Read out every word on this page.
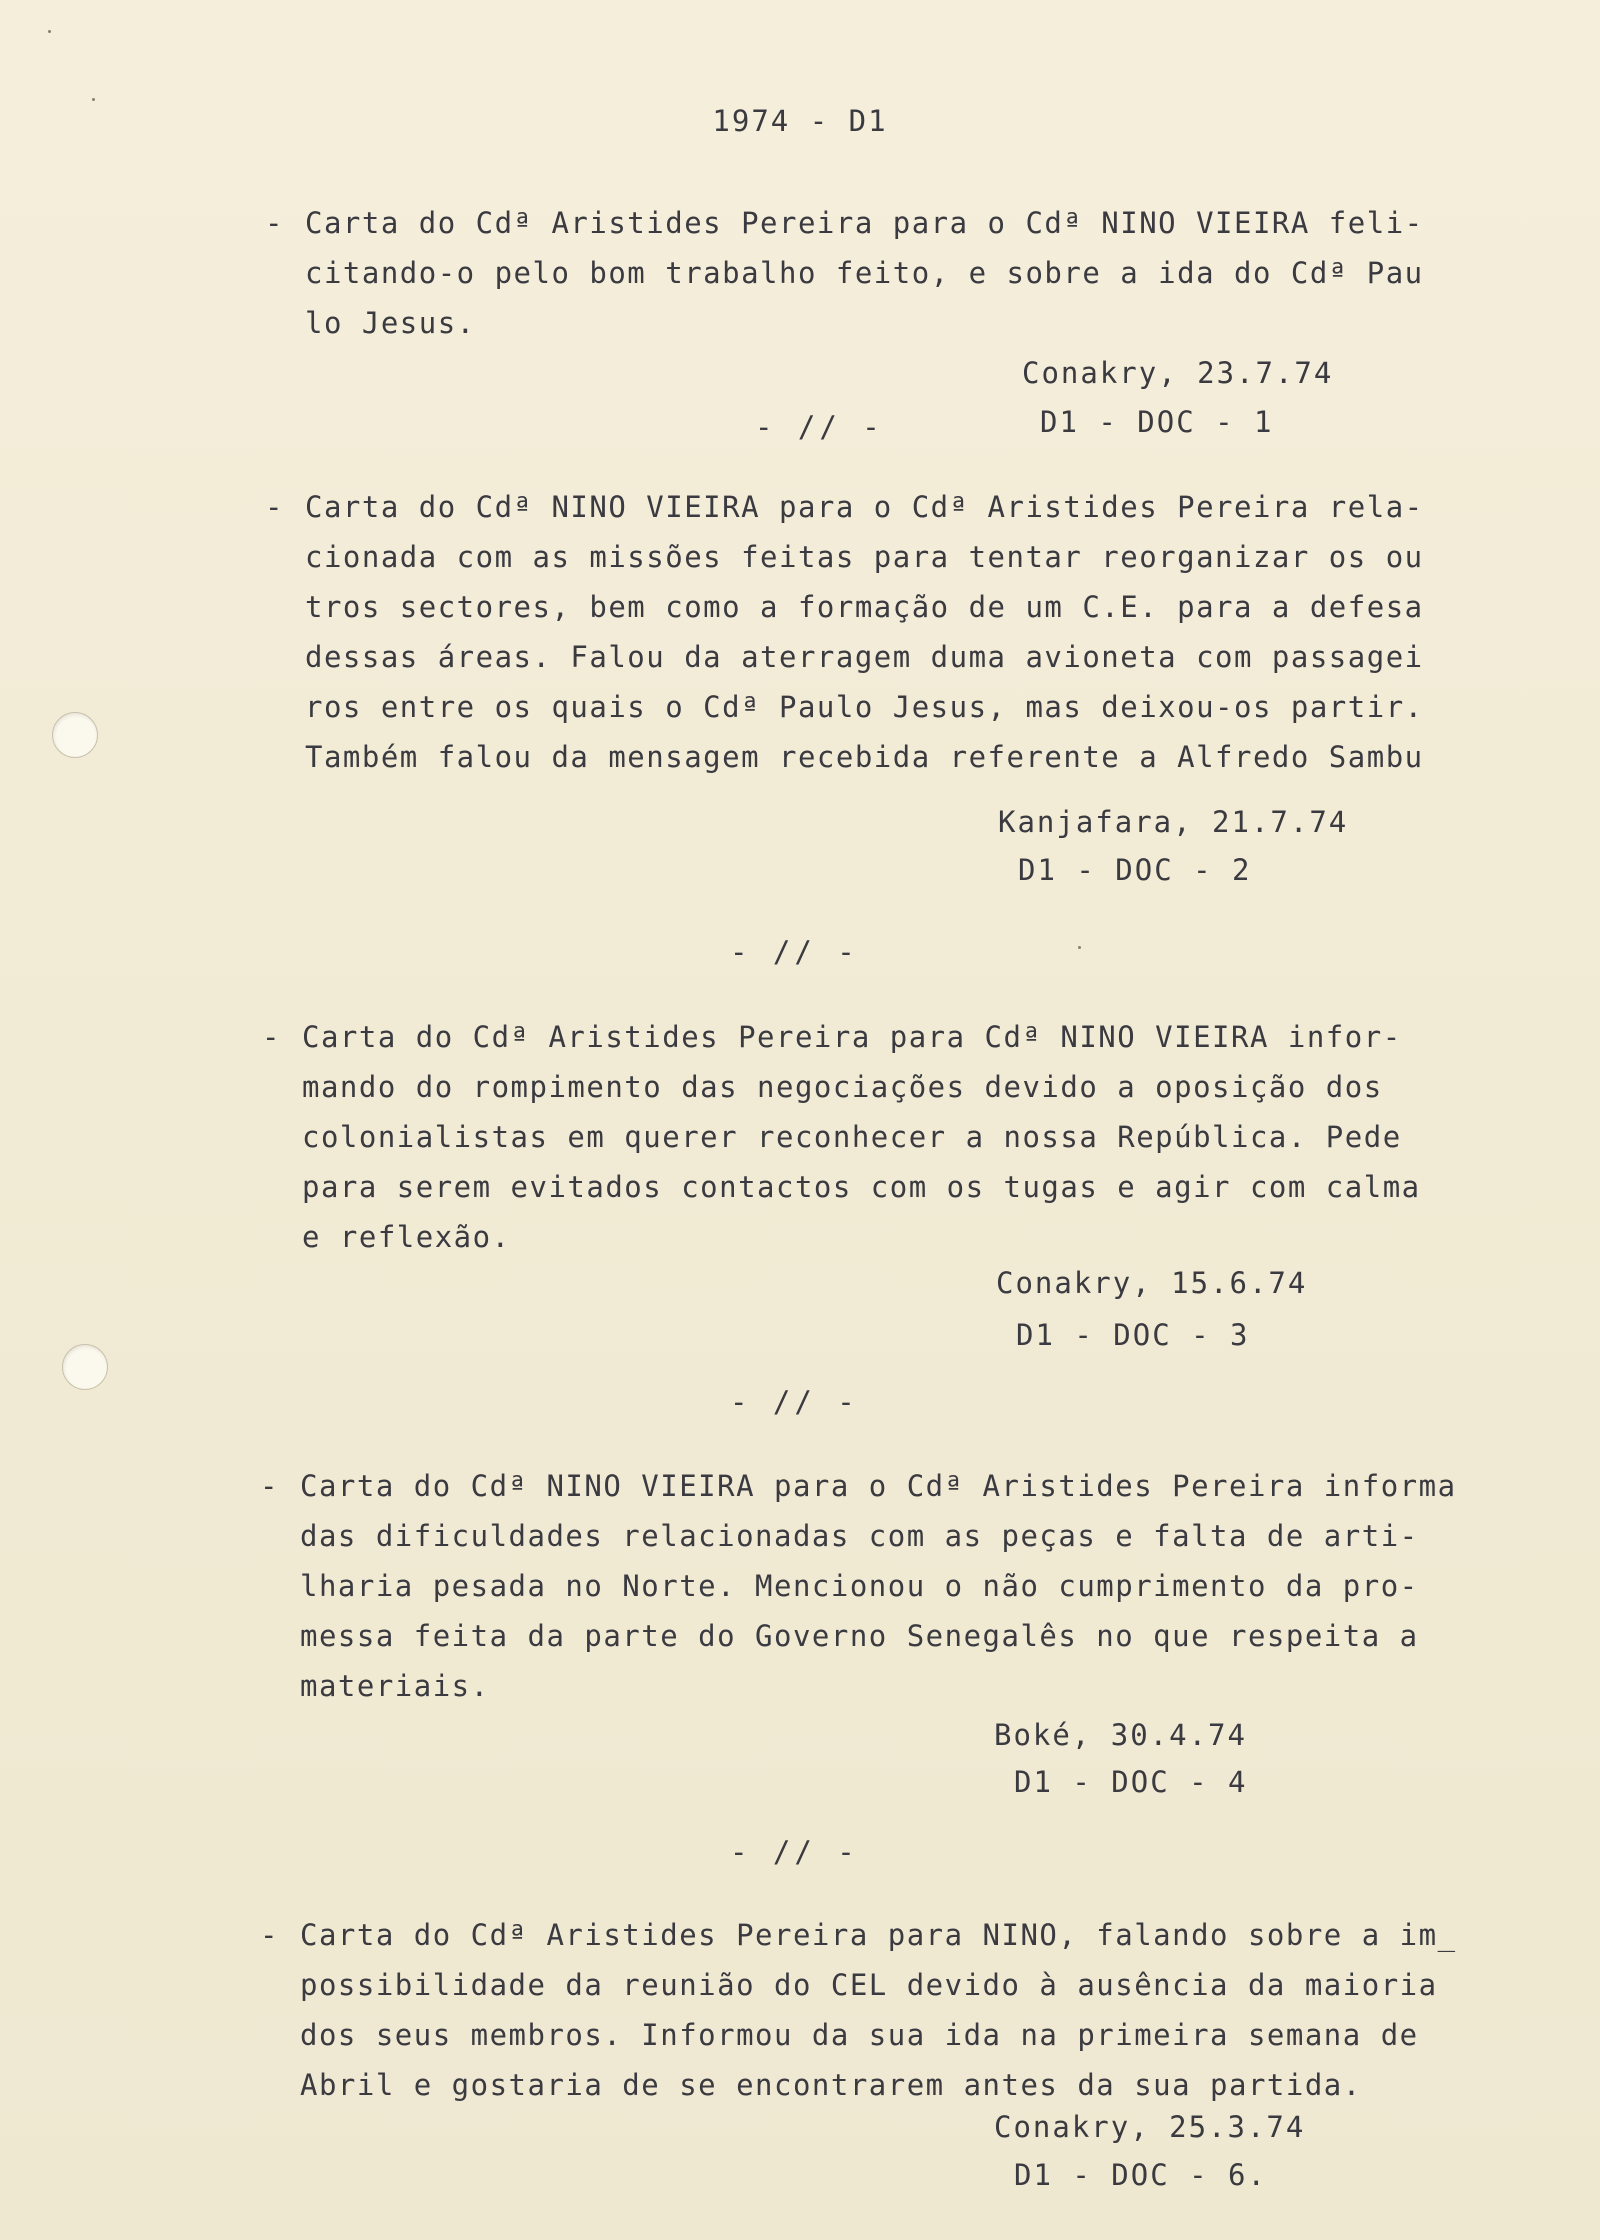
1974 - D1
- Carta do Cdª Aristides Pereira para o Cdª NINO VIEIRA feli-
citando-o pelo bom trabalho feito, e sobre a ida do Cdª Pau
lo Jesus.
Conakry, 23.7.74
- // -	D1 - DOC - 1
- Carta do Cdª NINO VIEIRA para o Cdª Aristides Pereira rela-
cionada com as missões feitas para tentar reorganizar os ou
tros sectores, bem como a formação de um C.E. para a defesa
dessas áreas. Falou da aterragem duma avioneta com passagei
ros entre os quais o Cdª Paulo Jesus, mas deixou-os partir.
Também falou da mensagem recebida referente a Alfredo Sambu
Kanjafara, 21.7.74
D1 - DOC - 2
- // -
- Carta do Cdª Aristides Pereira para Cdª NINO VIEIRA infor-
mando do rompimento das negociações devido a oposição dos
colonialistas em querer reconhecer a nossa República. Pede
para serem evitados contactos com os tugas e agir com calma
e reflexão.
Conakry, 15.6.74
D1 - DOC - 3
- // -
- Carta do Cdª NINO VIEIRA para o Cdª Aristides Pereira informa
das dificuldades relacionadas com as peças e falta de arti-
lharia pesada no Norte. Mencionou o não cumprimento da pro-
messa feita da parte do Governo Senegalês no que respeita a
materiais.
Boké, 30.4.74
D1 - DOC - 4
- // -
- Carta do Cdª Aristides Pereira para NINO, falando sobre a im_
possibilidade da reunião do CEL devido à ausência da maioria
dos seus membros. Informou da sua ida na primeira semana de
Abril e gostaria de se encontrarem antes da sua partida.
Conakry, 25.3.74
D1 - DOC - 6.
